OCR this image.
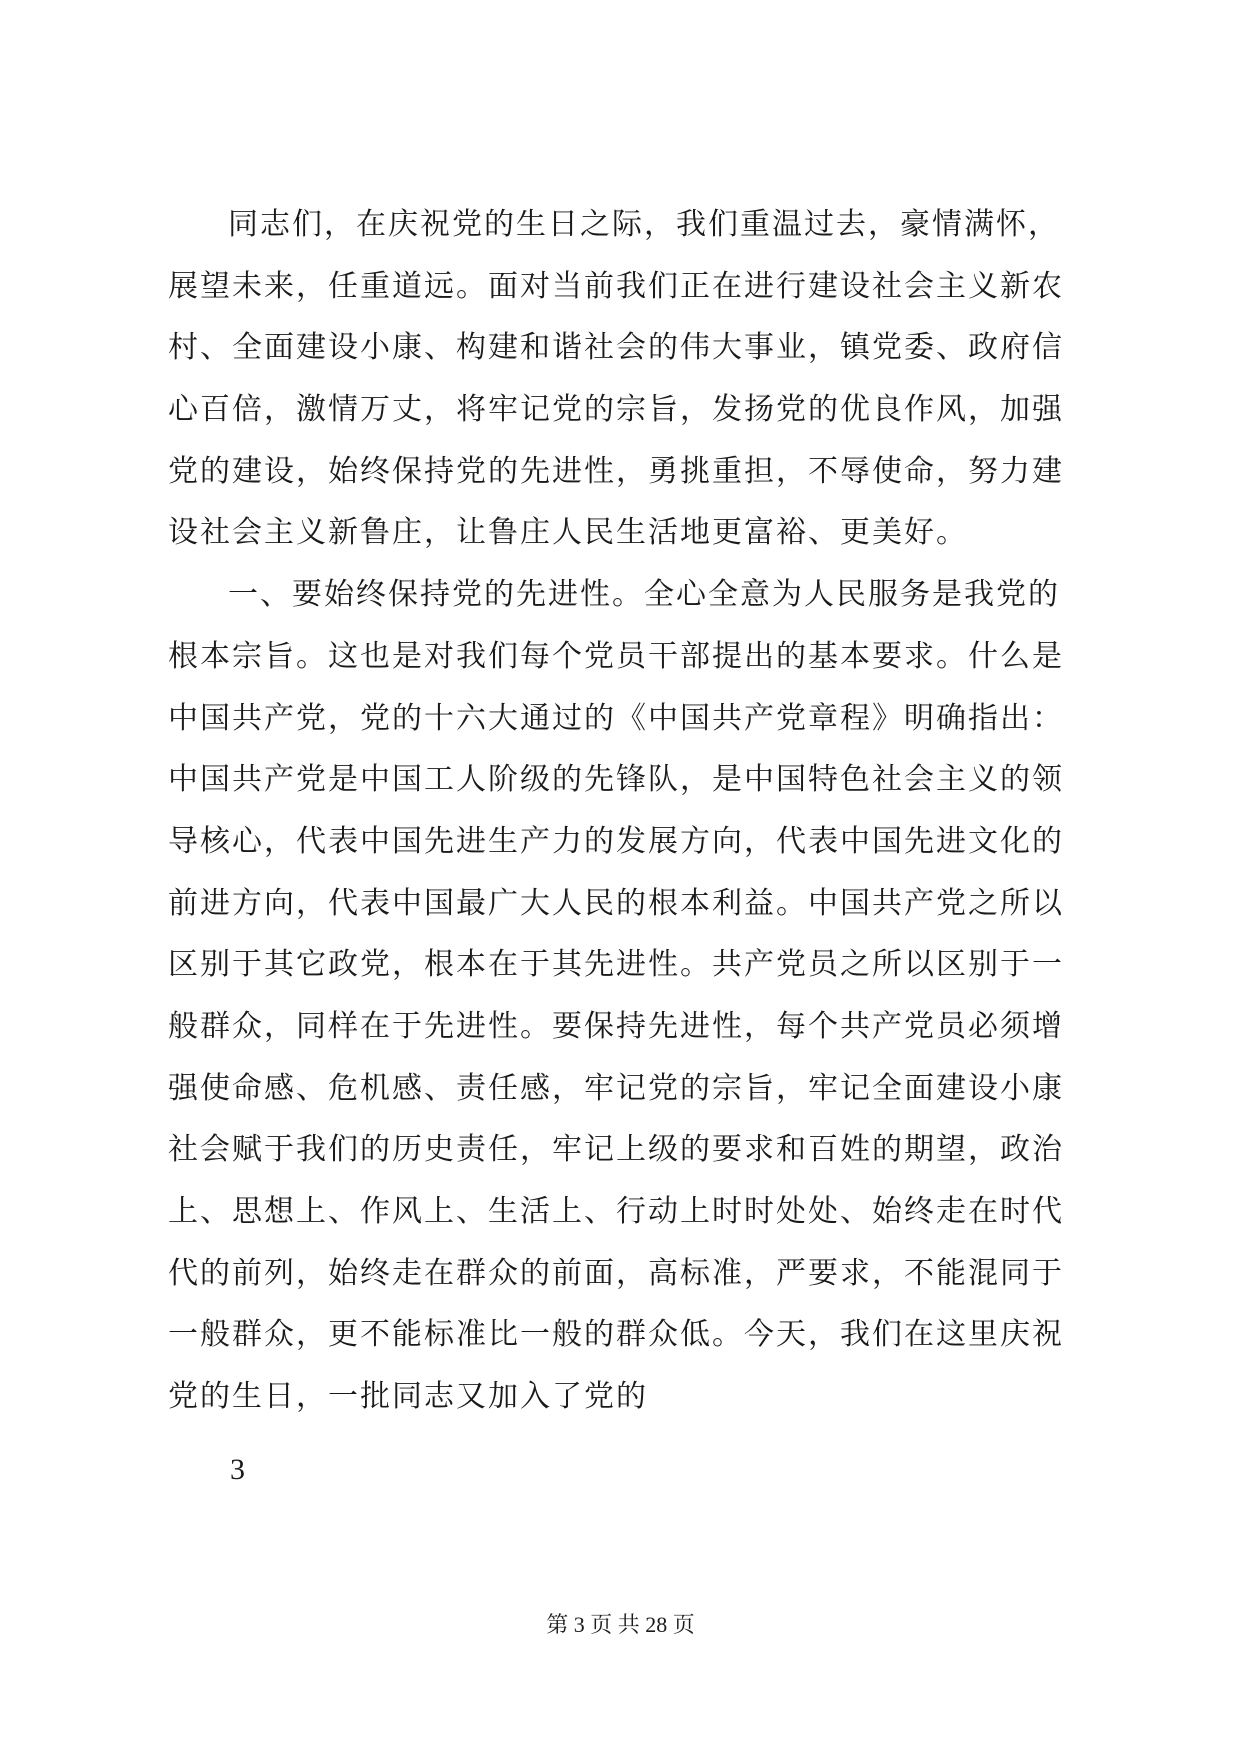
同志们，在庆祝党的生日之际，我们重温过去，豪情满怀，
展望未来，任重道远。面对当前我们正在进行建设社会主义新农
村、全面建设小康、构建和谐社会的伟大事业，镇党委、政府信
心百倍，激情万丈，将牢记党的宗旨，发扬党的优良作风，加强
党的建设，始终保持党的先进性，勇挑重担，不辱使命，努力建
设社会主义新鲁庄，让鲁庄人民生活地更富裕、更美好。
一、要始终保持党的先进性。全心全意为人民服务是我党的
根本宗旨。这也是对我们每个党员干部提出的基本要求。什么是
中国共产党，党的十六大通过的《中国共产党章程》明确指出：
中国共产党是中国工人阶级的先锋队，是中国特色社会主义的领
导核心，代表中国先进生产力的发展方向，代表中国先进文化的
前进方向，代表中国最广大人民的根本利益。中国共产党之所以
区别于其它政党，根本在于其先进性。共产党员之所以区别于一
般群众，同样在于先进性。要保持先进性，每个共产党员必须增
强使命感、危机感、责任感，牢记党的宗旨，牢记全面建设小康
社会赋于我们的历史责任，牢记上级的要求和百姓的期望，政治
上、思想上、作风上、生活上、行动上时时处处、始终走在时代
代的前列，始终走在群众的前面，高标准，严要求，不能混同于
一般群众，更不能标准比一般的群众低。今天，我们在这里庆祝
党的生日，一批同志又加入了党的
3
第 3 页 共 28 页
